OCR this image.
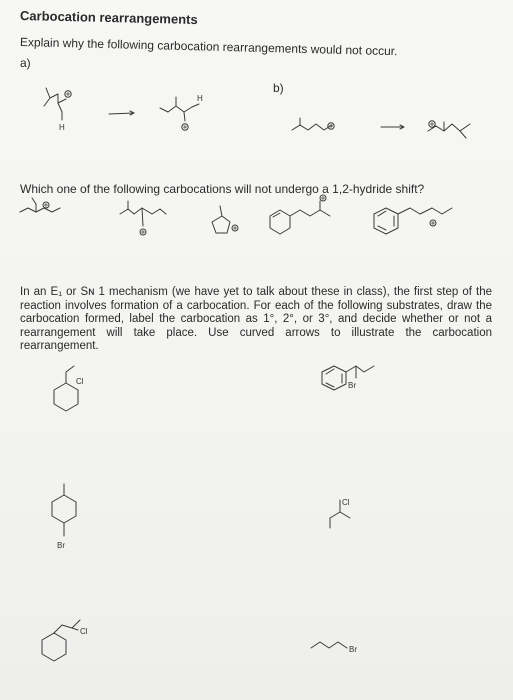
Carbocation rearrangements
Explain why the following carbocation rearrangements would not occur.
a)
b)
Which one of the following carbocations will not undergo a 1,2-hydride shift?
In an E₁ or Sɴ 1 mechanism (we have yet to talk about these in class), the first step of the reaction involves formation of a carbocation. For each of the following substrates, draw the carbocation formed, label the carbocation as 1°, 2°, or 3°, and decide whether or not a rearrangement will take place. Use curved arrows to illustrate the carbocation rearrangement.
H
H
Cl	Br
Br
Cl
Cl
Br
